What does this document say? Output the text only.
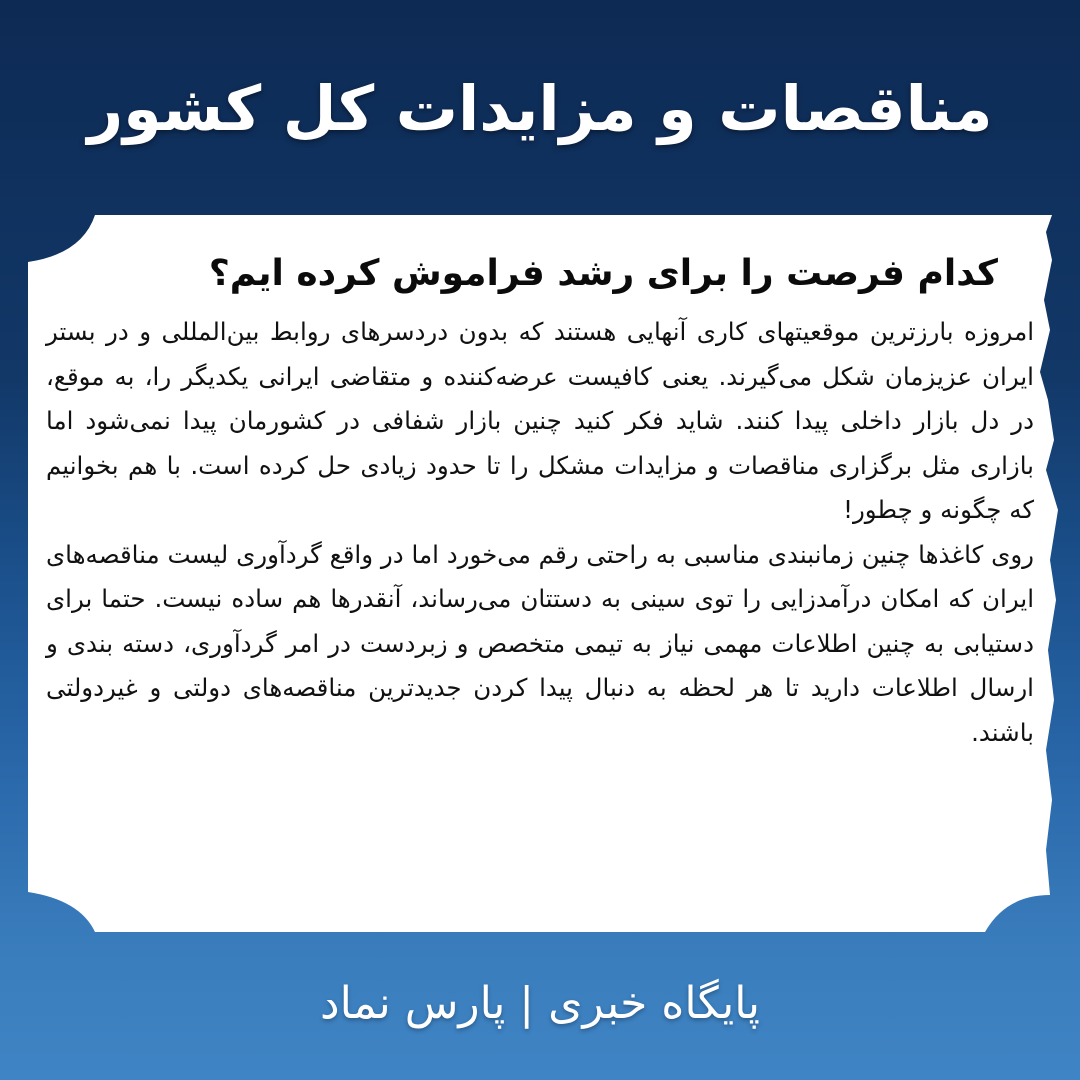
مناقصات و مزایدات کل کشور
کدام فرصت را برای رشد فراموش کرده ایم؟

امروزه بارزترین موقعیتهای کاری آنهایی هستند که بدون دردسرهای روابط بین‌المللی و در بستر ایران عزیزمان شکل می‌گیرند. یعنی کافیست عرضه‌کننده و متقاضی ایرانی یکدیگر را، به موقع، در دل بازار داخلی پیدا کنند. شاید فکر کنید چنین بازار شفافی در کشورمان پیدا نمی‌شود اما بازاری مثل برگزاری مناقصات و مزایدات مشکل را تا حدود زیادی حل کرده است. با هم بخوانیم که چگونه و چطور!

روی کاغذها چنین زمانبندی مناسبی به راحتی رقم می‌خورد اما در واقع گردآوری لیست مناقصه‌های ایران که امکان درآمدزایی را توی سینی به دستتان می‌رساند، آنقدرها هم ساده نیست. حتما برای دستیابی به چنین اطلاعات مهمی نیاز به تیمی متخصص و زبردست در امر گردآوری، دسته بندی و ارسال اطلاعات دارید تا هر لحظه به دنبال پیدا کردن جدیدترین مناقصه‌های دولتی و غیردولتی باشند.

پایگاه خبری | پارس نماد
